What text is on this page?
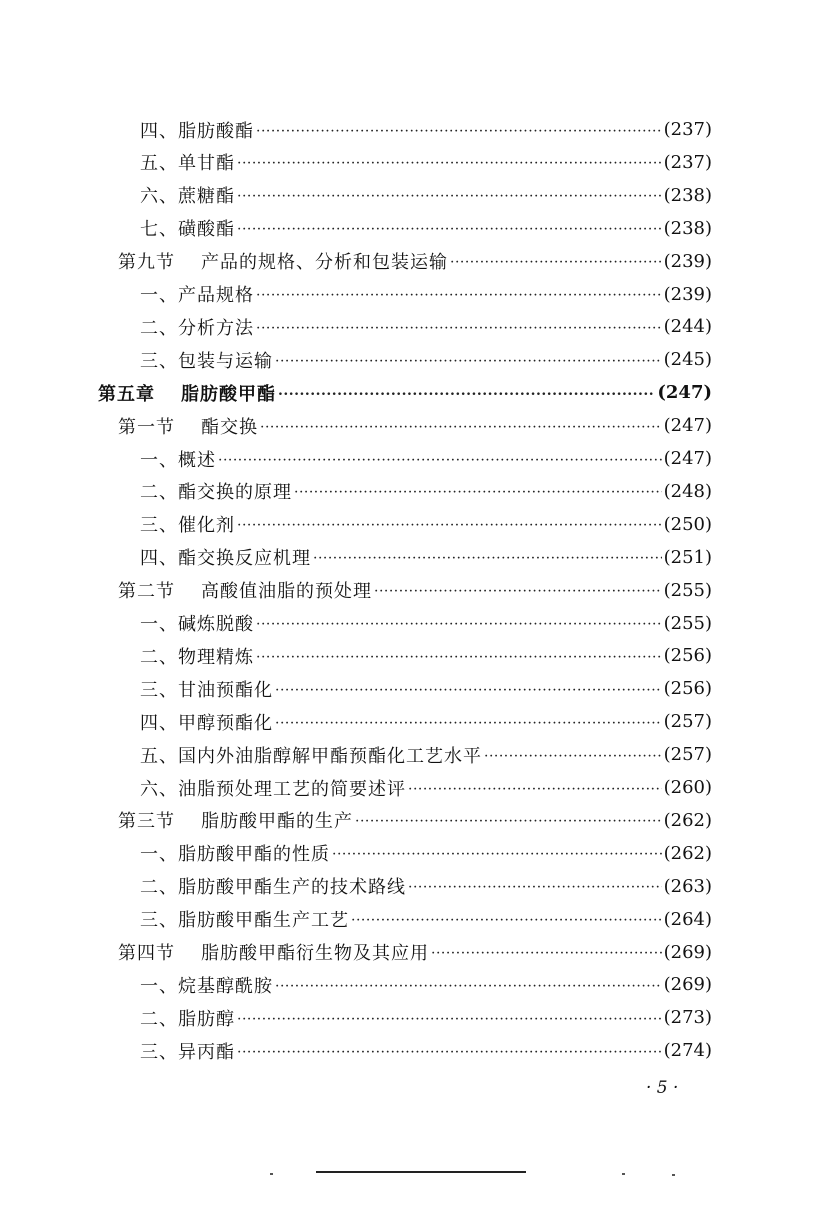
四、脂肪酸酯 ·····	(237)
五、单甘酯 ·····	(237)
六、蔗糖酯 ·····	(238)
七、磺酸酯 ·····	(238)
第九节 产品的规格、分析和包装运输 ·····	(239)
一、产品规格 ·····	(239)
二、分析方法 ·····	(244)
三、包装与运输 ·····	(245)
第五章 脂肪酸甲酯 ·····	(247)
第一节 酯交换 ·····	(247)
一、概述 ·····	(247)
二、酯交换的原理 ·····	(248)
三、催化剂 ·····	(250)
四、酯交换反应机理 ·····	(251)
第二节 高酸值油脂的预处理 ·····	(255)
一、碱炼脱酸 ·····	(255)
二、物理精炼 ·····	(256)
三、甘油预酯化 ·····	(256)
四、甲醇预酯化 ·····	(257)
五、国内外油脂醇解甲酯预酯化工艺水平 ·····	(257)
六、油脂预处理工艺的简要述评 ·····	(260)
第三节 脂肪酸甲酯的生产 ·····	(262)
一、脂肪酸甲酯的性质 ·····	(262)
二、脂肪酸甲酯生产的技术路线 ·····	(263)
三、脂肪酸甲酯生产工艺 ·····	(264)
第四节 脂肪酸甲酯衍生物及其应用 ·····	(269)
一、烷基醇酰胺 ·····	(269)
二、脂肪醇 ·····	(273)
三、异丙酯 ·····	(274)
· 5 ·
